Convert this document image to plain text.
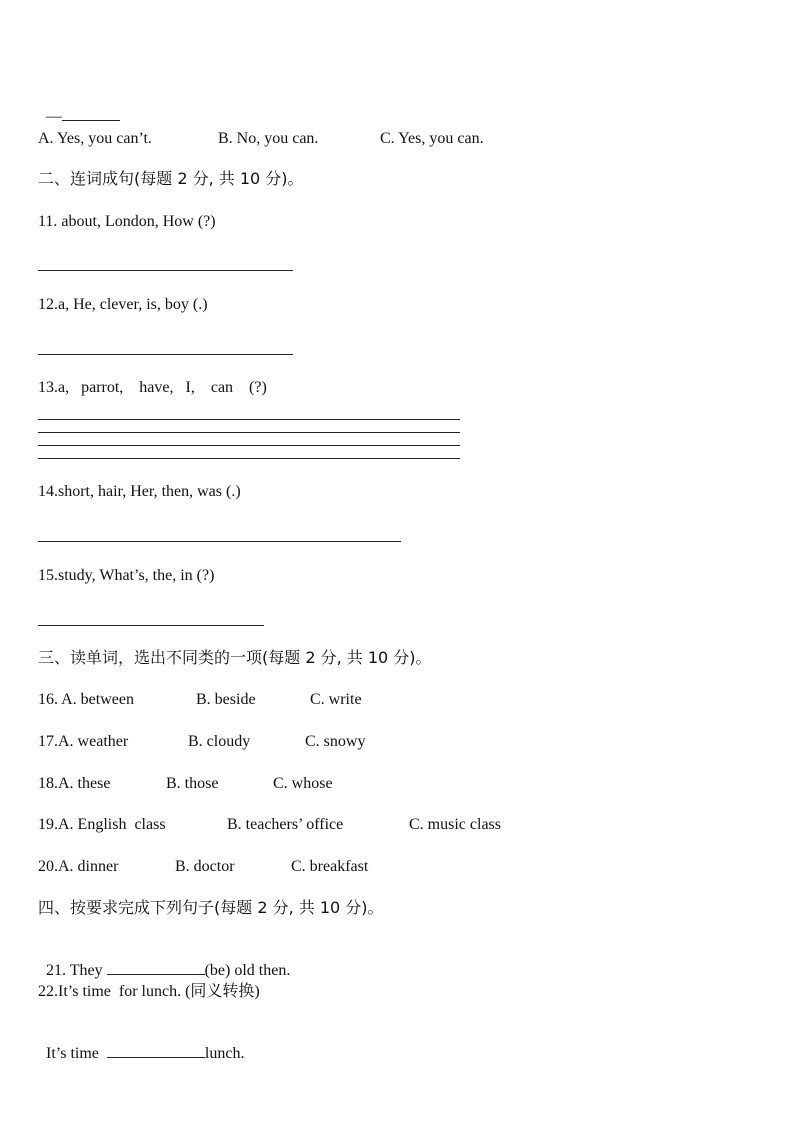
—

A. Yes, you can’t.	B. No, you can.	C. Yes, you can.
二、连词成句(每题 2 分, 共 10 分)。
11. about, London, How (?)
12.a, He, clever, is, boy (.)
13.a,   parrot,    have,   I,    can    (?)
14.short, hair, Her, then, was (.)
15.study, What’s, the, in (?)
三、读单词，选出不同类的一项(每题 2 分, 共 10 分)。
16. A. between	B. beside	C. write
17.A. weather	B. cloudy	C. snowy
18.A. these	B. those	C. whose
19.A. English  class	B. teachers’ office	C. music class
20.A. dinner	B. doctor	C. breakfast
四、按要求完成下列句子(每题 2 分, 共 10 分)。

21. They	(be) old then.

22.It’s time  for lunch. (同义转换)

It’s time	lunch.
